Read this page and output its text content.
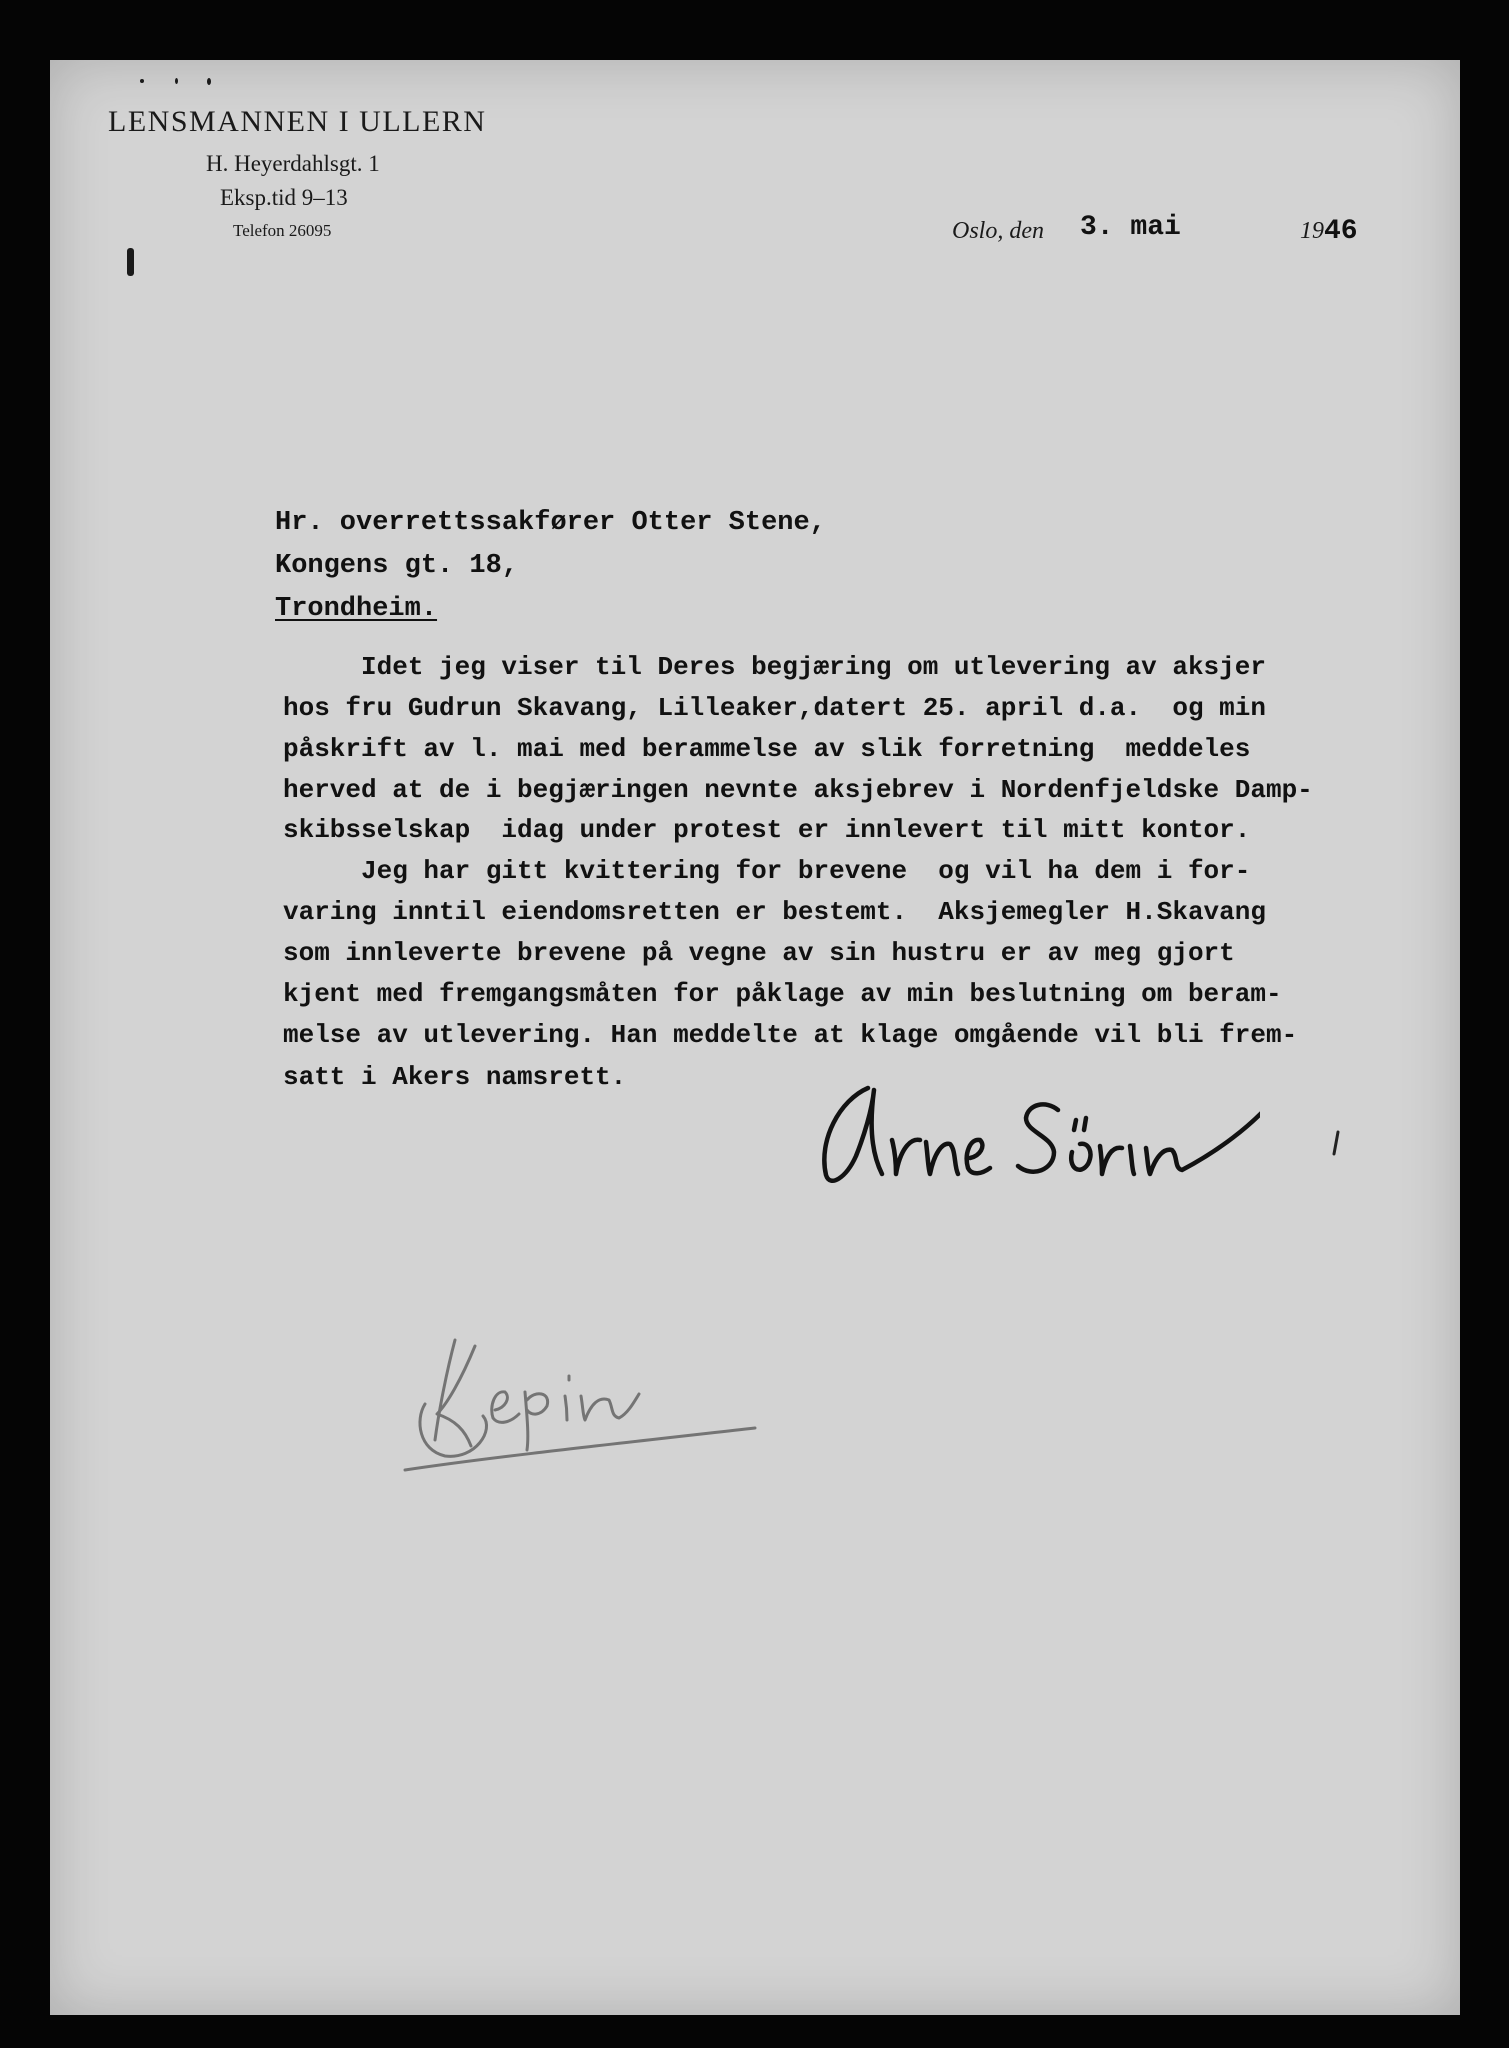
LENSMANNEN I ULLERN
H. Heyerdahlsgt. 1
Eksp.tid 9–13
Telefon 26095	Oslo, den 3. mai	1946
Hr. overrettssakfører Otter Stene,
Kongens gt. 18,
Trondheim.
Idet jeg viser til Deres begjæring om utlevering av aksjer
hos fru Gudrun Skavang, Lilleaker,datert 25. april d.a.  og min
påskrift av l. mai med berammelse av slik forretning  meddeles
herved at de i begjæringen nevnte aksjebrev i Nordenfjeldske Damp-
skibsselskap  idag under protest er innlevert til mitt kontor.
Jeg har gitt kvittering for brevene  og vil ha dem i for-
varing inntil eiendomsretten er bestemt.  Aksjemegler H.Skavang
som innleverte brevene på vegne av sin hustru er av meg gjort
kjent med fremgangsmåten for påklage av min beslutning om beram-
melse av utlevering. Han meddelte at klage omgående vil bli frem-
satt i Akers namsrett.
